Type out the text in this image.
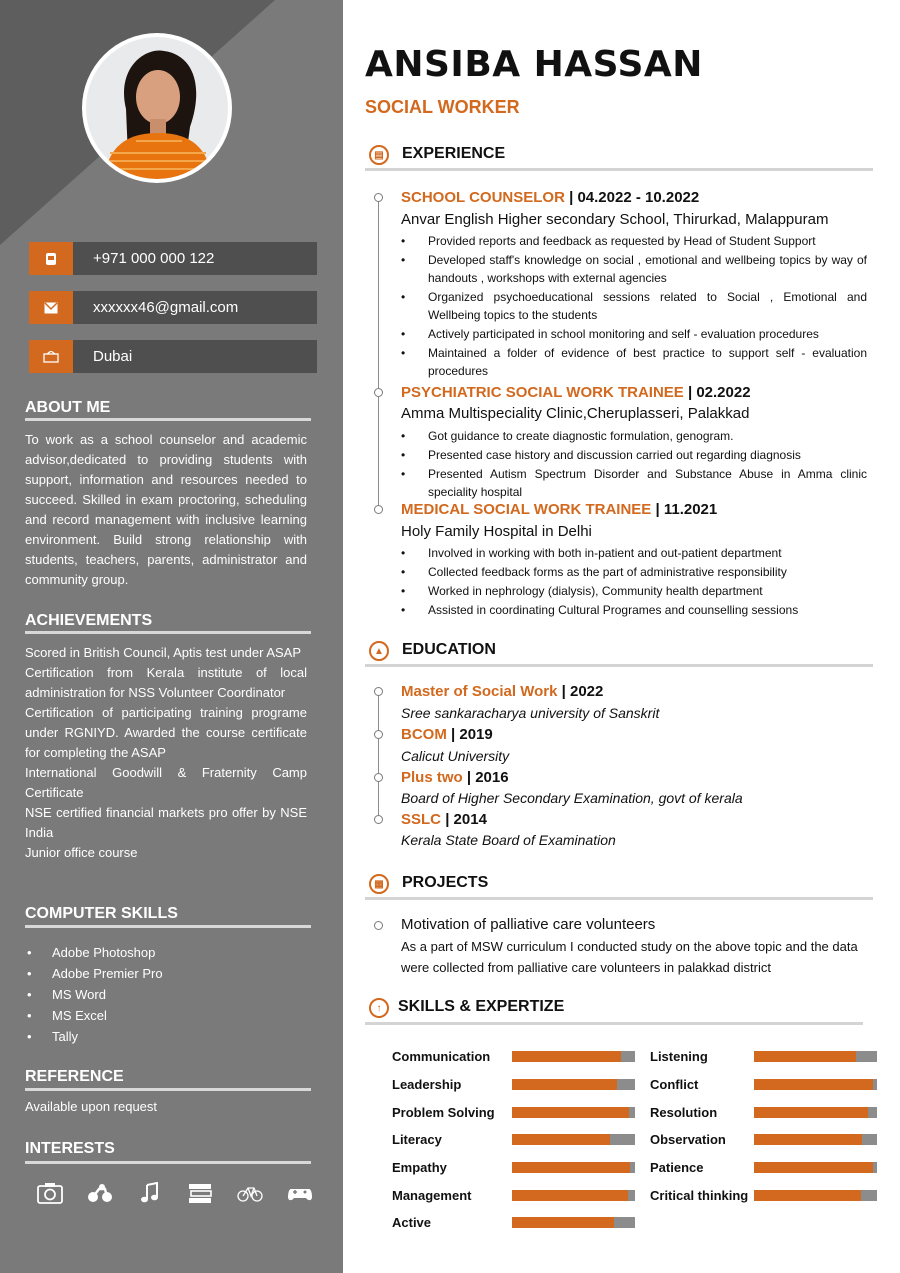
+971 000 000 122
xxxxxx46@gmail.com
Dubai
ABOUT ME

To work as a school counselor and academic advisor,dedicated to providing students with support, information and resources needed to succeed. Skilled in exam proctoring, scheduling and record management with inclusive learning environment. Build strong relationship with students, teachers, parents, administrator and community group.

ACHIEVEMENTS
Scored in British Council, Aptis test under ASAP
Certification from Kerala institute of local administration for NSS Volunteer Coordinator
Certification of participating training programe under RGNIYD. Awarded the course certificate for completing the ASAP
International Goodwill & Fraternity Camp Certificate
NSE certified financial markets pro offer by NSE India
Junior office course
COMPUTER SKILLS
• Adobe Photoshop
• Adobe Premier Pro
• MS Word
• MS Excel
• Tally
REFERENCE
Available upon request
INTERESTS
ANSIBA HASSAN
SOCIAL WORKER
▤	EXPERIENCE
SCHOOL COUNSELOR | 04.2022 - 10.2022
Anvar English Higher secondary School, Thirurkad, Malappuram
• Provided reports and feedback as requested by Head of Student Support
• Developed staff's knowledge on social , emotional and wellbeing topics by way of handouts , workshops with external agencies
• Organized psychoeducational sessions related to Social , Emotional and Wellbeing topics to the students
• Actively participated in school monitoring and self - evaluation procedures
• Maintained a folder of evidence of best practice to support self - evaluation procedures
PSYCHIATRIC SOCIAL WORK TRAINEE | 02.2022
Amma Multispeciality Clinic,Cheruplasseri, Palakkad
• Got guidance to create diagnostic formulation, genogram.
• Presented case history and discussion carried out regarding diagnosis
• Presented Autism Spectrum Disorder and Substance Abuse in Amma clinic speciality hospital
MEDICAL SOCIAL WORK TRAINEE | 11.2021
Holy Family Hospital in Delhi
• Involved in working with both in-patient and out-patient department
• Collected feedback forms as the part of administrative responsibility
• Worked in nephrology (dialysis), Community health department
• Assisted in coordinating Cultural Programes and counselling sessions
▲	EDUCATION
Master of Social Work | 2022
Sree sankaracharya university of Sanskrit
BCOM | 2019
Calicut University
Plus two | 2016
Board of Higher Secondary Examination, govt of kerala
SSLC | 2014
Kerala State Board of Examination
▦	PROJECTS
Motivation of palliative care volunteers
As a part of MSW curriculum I conducted study on the above topic and the data were collected from palliative care volunteers in palakkad district
↑	SKILLS & EXPERTIZE
Communication
Leadership
Problem Solving
Literacy
Empathy
Management
Active
Listening
Conflict
Resolution
Observation
Patience
Critical thinking
